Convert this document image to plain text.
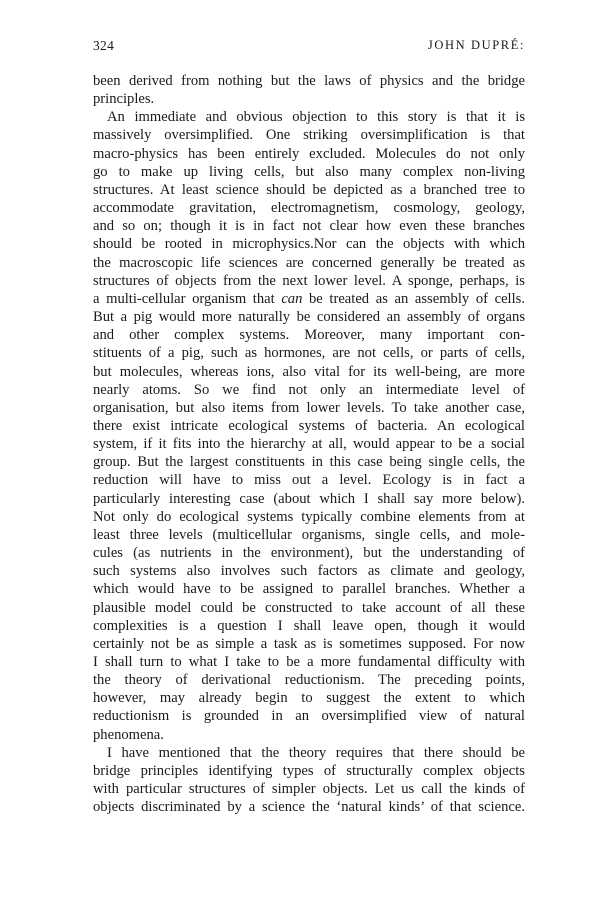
324	JOHN DUPRÉ:

been derived from nothing but the laws of physics and the bridge
principles.

An immediate and obvious objection to this story is that it is
massively oversimplified. One striking oversimplification is that
macro-physics has been entirely excluded. Molecules do not only
go to make up living cells, but also many complex non-living
structures. At least science should be depicted as a branched tree to
accommodate gravitation, electromagnetism, cosmology, geology,
and so on; though it is in fact not clear how even these branches
should be rooted in microphysics.Nor can the objects with which
the macroscopic life sciences are concerned generally be treated as
structures of objects from the next lower level. A sponge, perhaps, is
a multi-cellular organism that can be treated as an assembly of cells.
But a pig would more naturally be considered an assembly of organs
and other complex systems. Moreover, many important con-
stituents of a pig, such as hormones, are not cells, or parts of cells,
but molecules, whereas ions, also vital for its well-being, are more
nearly atoms. So we find not only an intermediate level of
organisation, but also items from lower levels. To take another case,
there exist intricate ecological systems of bacteria. An ecological
system, if it fits into the hierarchy at all, would appear to be a social
group. But the largest constituents in this case being single cells, the
reduction will have to miss out a level. Ecology is in fact a
particularly interesting case (about which I shall say more below).
Not only do ecological systems typically combine elements from at
least three levels (multicellular organisms, single cells, and mole-
cules (as nutrients in the environment), but the understanding of
such systems also involves such factors as climate and geology,
which would have to be assigned to parallel branches. Whether a
plausible model could be constructed to take account of all these
complexities is a question I shall leave open, though it would
certainly not be as simple a task as is sometimes supposed. For now
I shall turn to what I take to be a more fundamental difficulty with
the theory of derivational reductionism. The preceding points,
however, may already begin to suggest the extent to which
reductionism is grounded in an oversimplified view of natural
phenomena.

I have mentioned that the theory requires that there should be
bridge principles identifying types of structurally complex objects
with particular structures of simpler objects. Let us call the kinds of
objects discriminated by a science the ‘natural kinds’ of that science.
